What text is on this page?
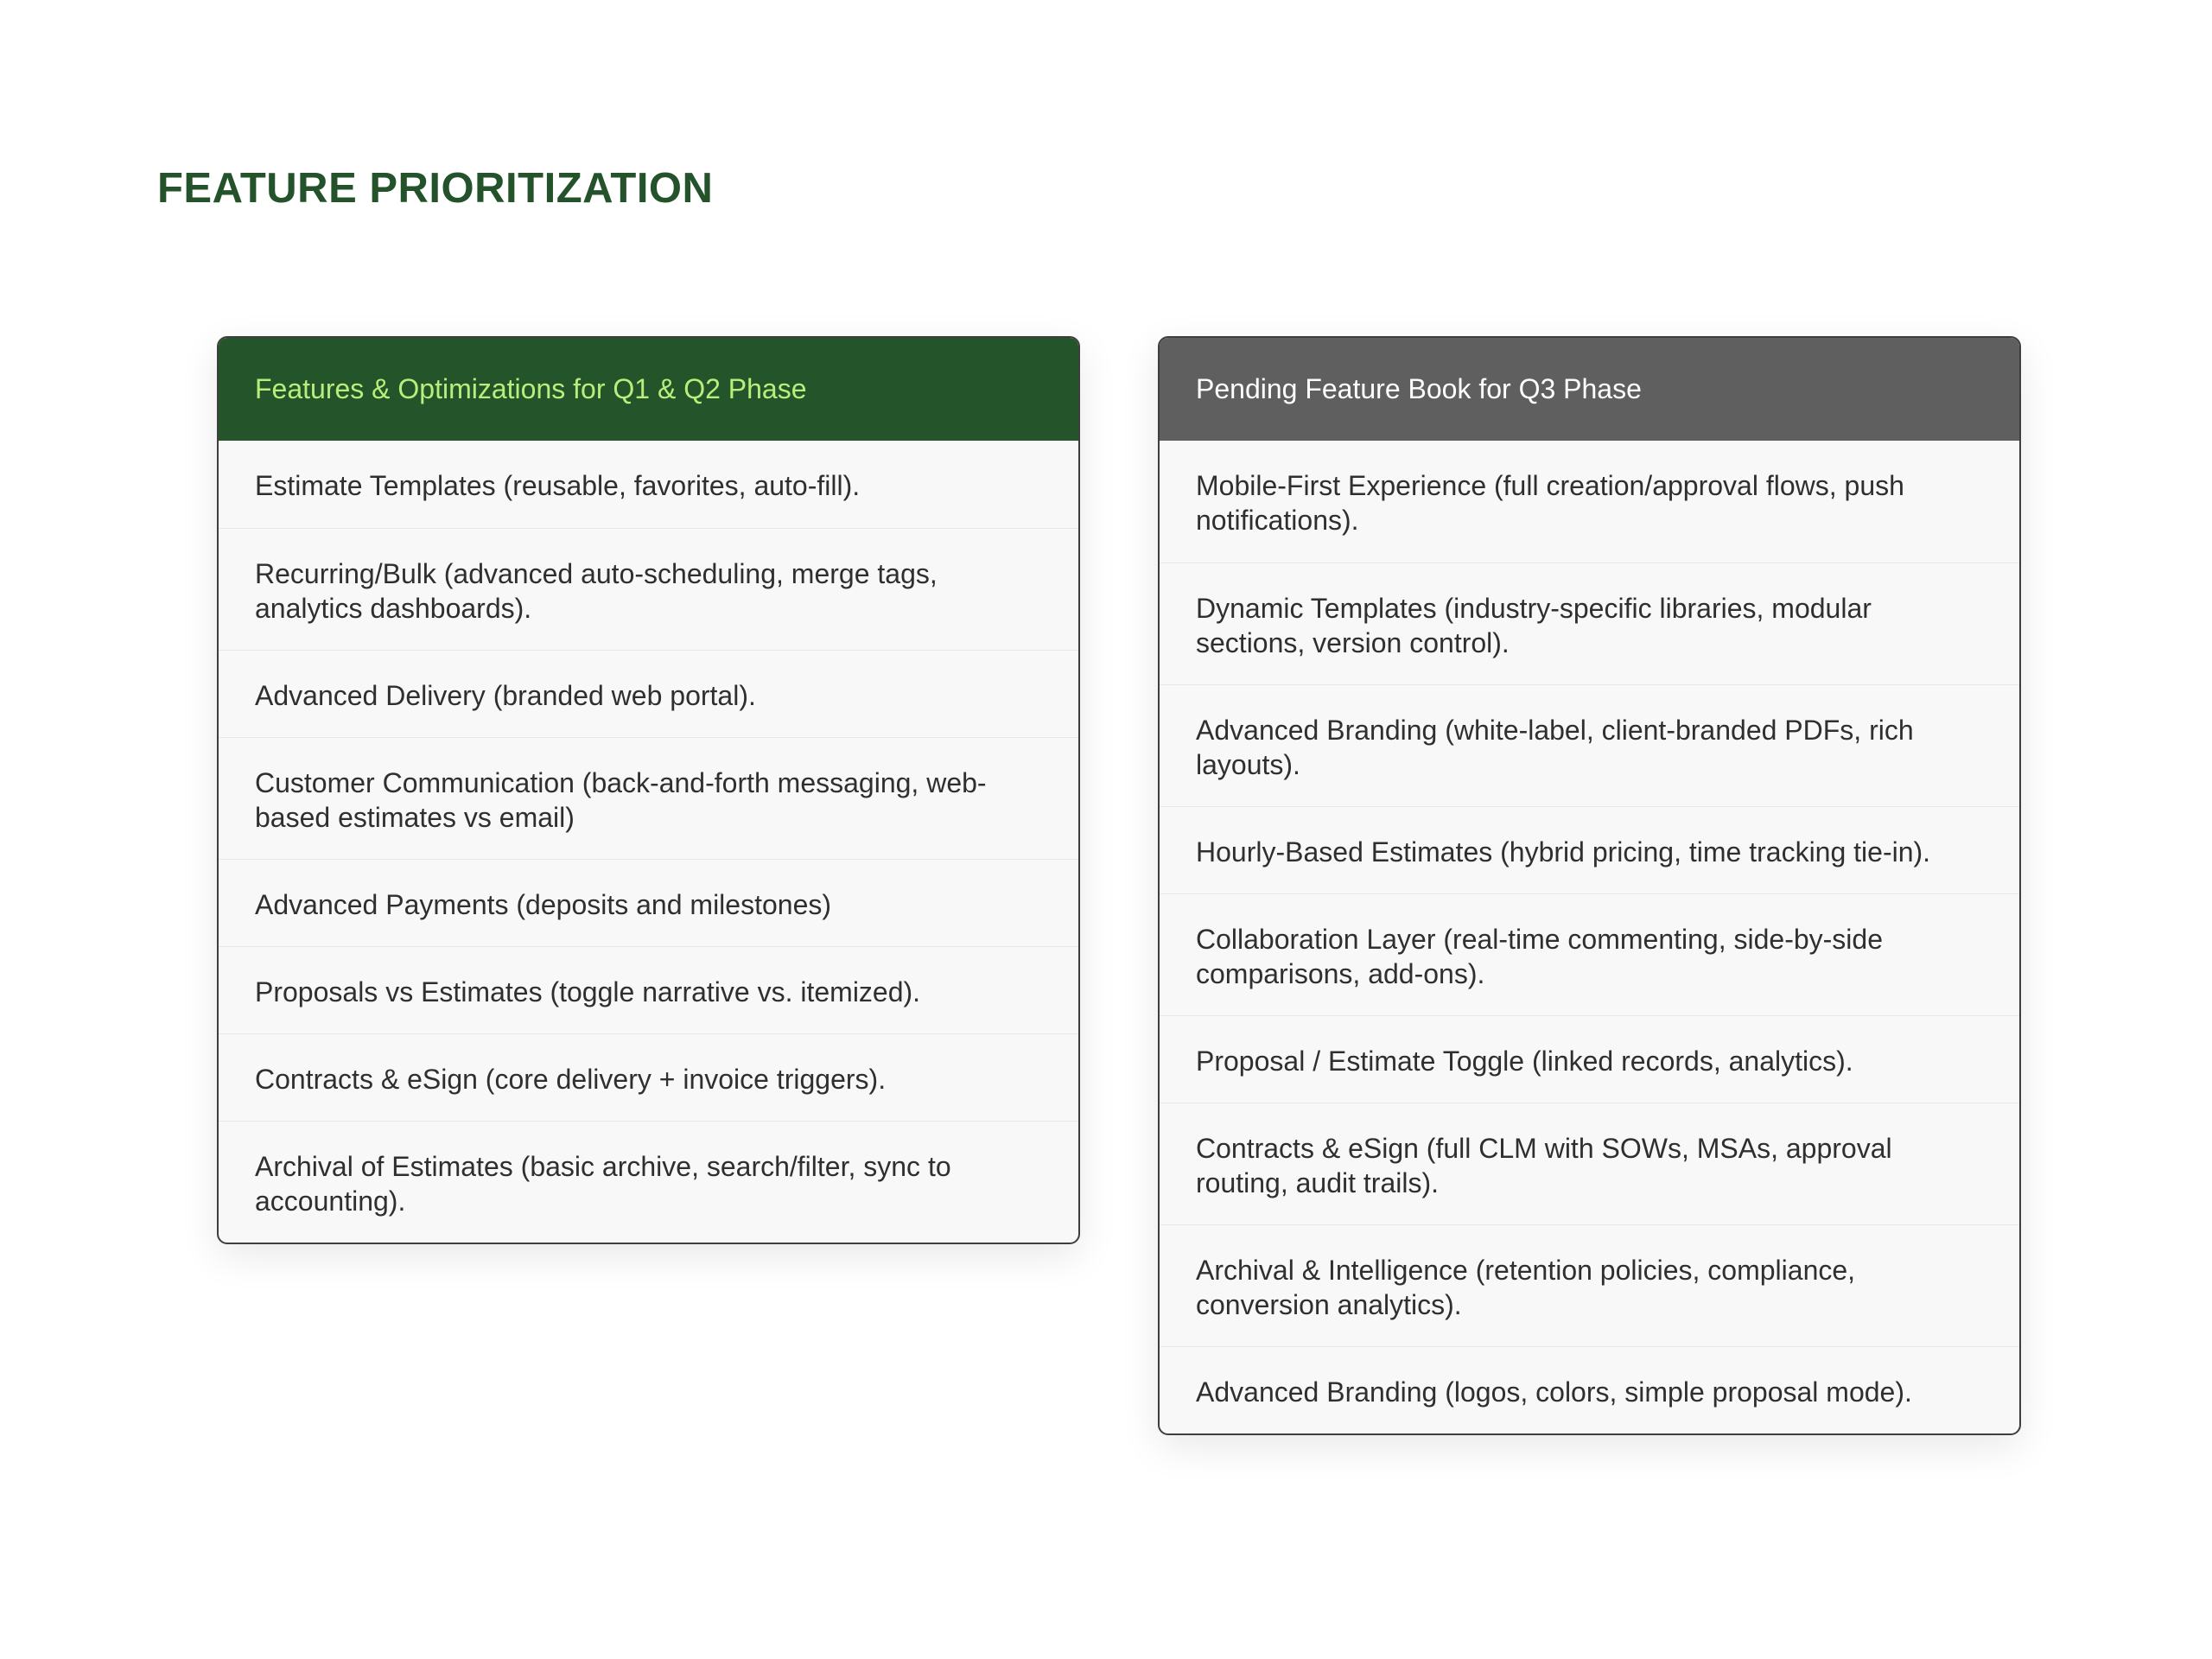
FEATURE PRIORITIZATION
Features & Optimizations for Q1 & Q2 Phase
Estimate Templates (reusable, favorites, auto-fill).
Recurring/Bulk (advanced auto-scheduling, merge tags, analytics dashboards).
Advanced Delivery (branded web portal).
Customer Communication (back-and-forth messaging, web-based estimates vs email)
Advanced Payments (deposits and milestones)
Proposals vs Estimates (toggle narrative vs. itemized).
Contracts & eSign (core delivery + invoice triggers).
Archival of Estimates (basic archive, search/filter, sync to accounting).
Pending Feature Book for Q3 Phase
Mobile-First Experience (full creation/approval flows, push notifications).
Dynamic Templates (industry-specific libraries, modular sections, version control).
Advanced Branding (white-label, client-branded PDFs, rich layouts).
Hourly-Based Estimates (hybrid pricing, time tracking tie-in).
Collaboration Layer (real-time commenting, side-by-side comparisons, add-ons).
Proposal / Estimate Toggle (linked records, analytics).
Contracts & eSign (full CLM with SOWs, MSAs, approval routing, audit trails).
Archival & Intelligence (retention policies, compliance, conversion analytics).
Advanced Branding (logos, colors, simple proposal mode).
